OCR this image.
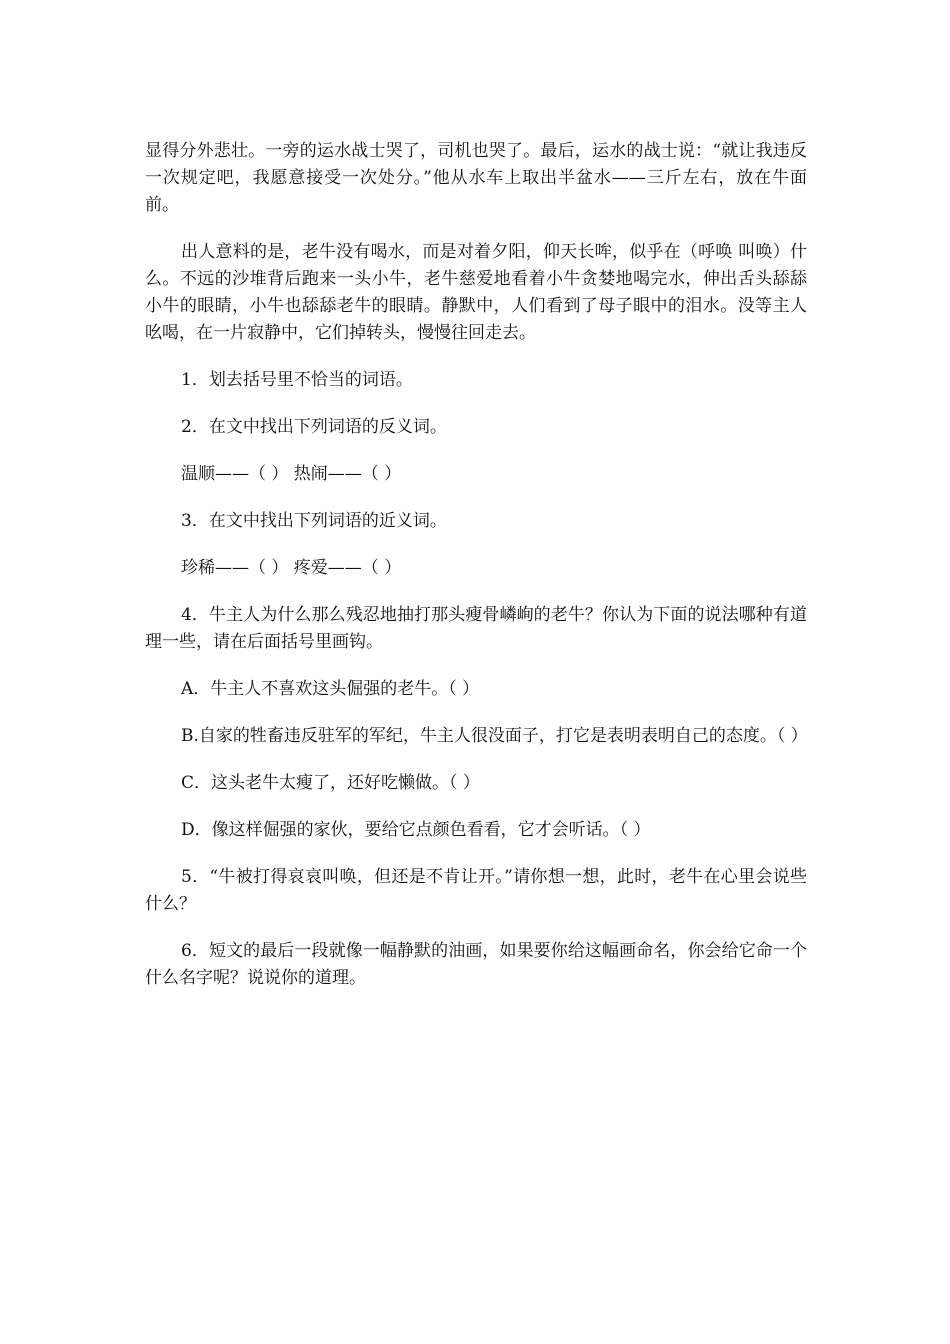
显得分外悲壮。一旁的运水战士哭了，司机也哭了。最后，运水的战士说：“就让我违反一次规定吧，我愿意接受一次处分。”他从水车上取出半盆水——三斤左右，放在牛面前。

出人意料的是，老牛没有喝水，而是对着夕阳，仰天长哞，似乎在（呼唤 叫唤）什么。不远的沙堆背后跑来一头小牛，老牛慈爱地看着小牛贪婪地喝完水，伸出舌头舔舔小牛的眼睛，小牛也舔舔老牛的眼睛。静默中，人们看到了母子眼中的泪水。没等主人吆喝，在一片寂静中，它们掉转头，慢慢往回走去。

1．划去括号里不恰当的词语。

2．在文中找出下列词语的反义词。

温顺——（ ） 热闹——（ ）

3．在文中找出下列词语的近义词。

珍稀——（ ） 疼爱——（ ）

4．牛主人为什么那么残忍地抽打那头瘦骨嶙峋的老牛？你认为下面的说法哪种有道理一些，请在后面括号里画钩。

A．牛主人不喜欢这头倔强的老牛。（ ）

B.自家的牲畜违反驻军的军纪，牛主人很没面子，打它是表明表明自己的态度。（ ）

C．这头老牛太瘦了，还好吃懒做。（ ）

D．像这样倔强的家伙，要给它点颜色看看，它才会听话。（ ）

5．“牛被打得哀哀叫唤，但还是不肯让开。”请你想一想，此时，老牛在心里会说些什么？

6．短文的最后一段就像一幅静默的油画，如果要你给这幅画命名，你会给它命一个什么名字呢？说说你的道理。
